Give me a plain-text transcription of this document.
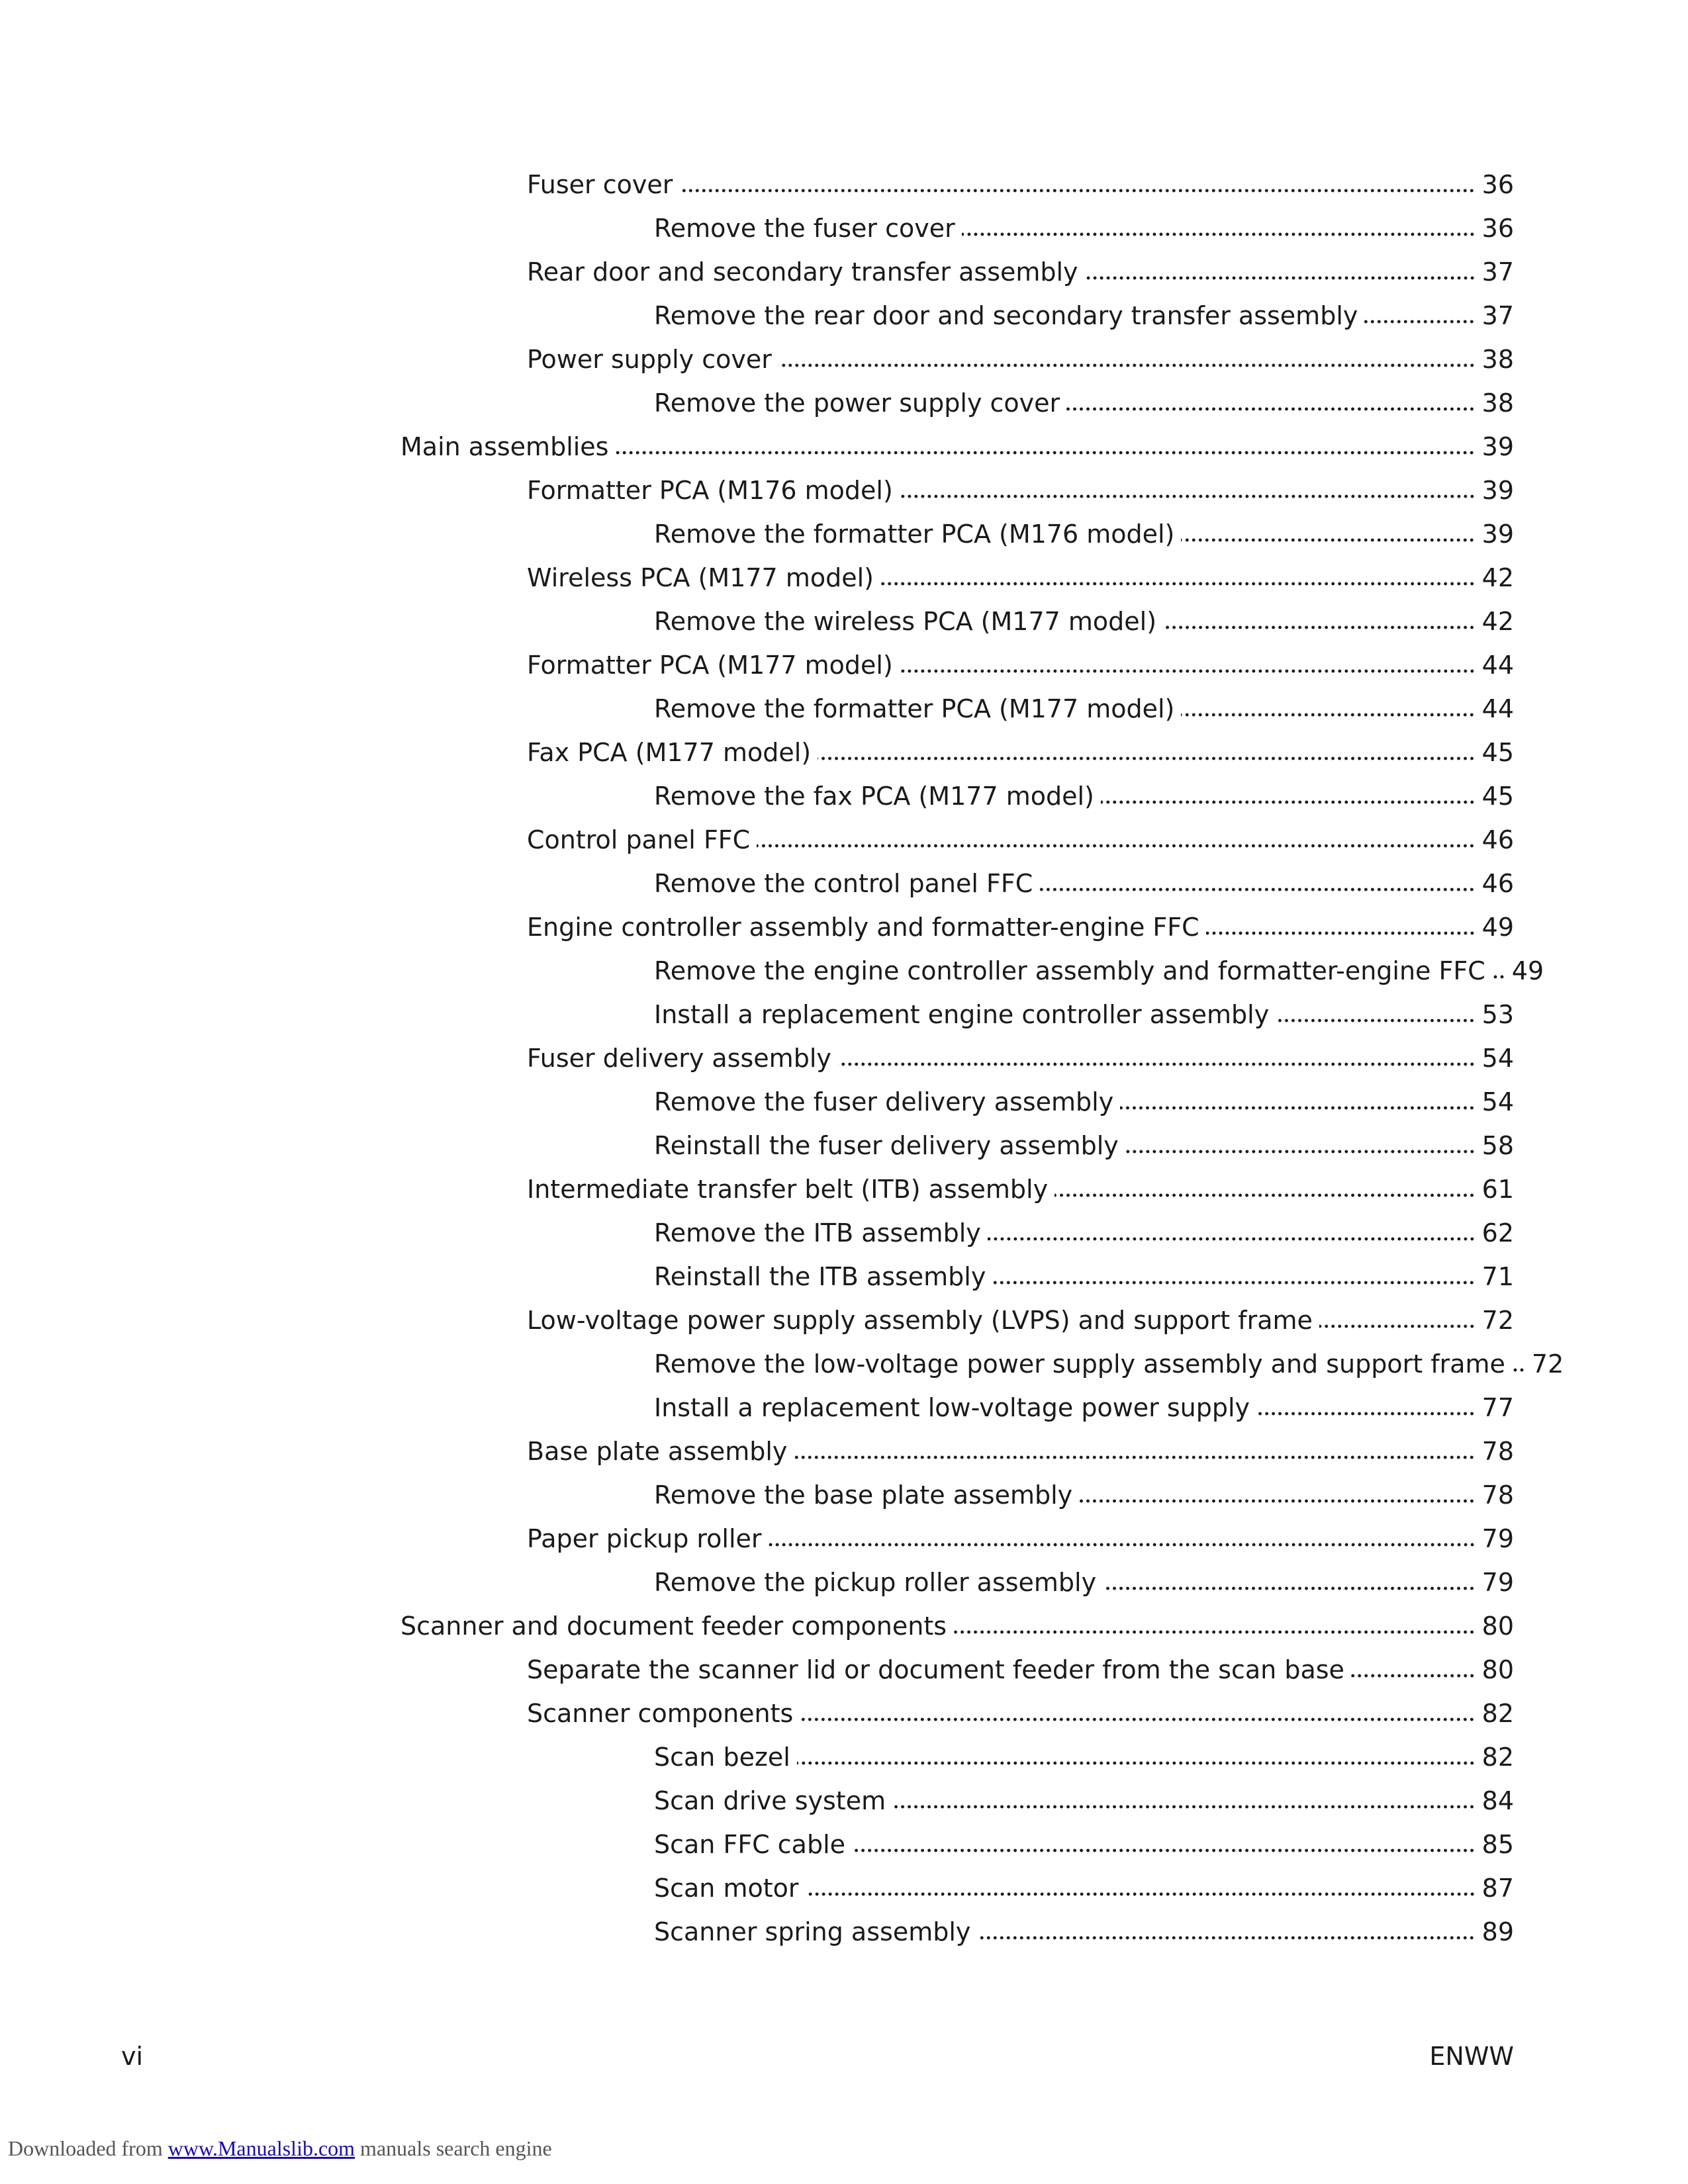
Fuser cover	36
Remove the fuser cover	36
Rear door and secondary transfer assembly	37
Remove the rear door and secondary transfer assembly	37
Power supply cover	38
Remove the power supply cover	38
Main assemblies	39
Formatter PCA (M176 model)	39
Remove the formatter PCA (M176 model)	39
Wireless PCA (M177 model)	42
Remove the wireless PCA (M177 model)	42
Formatter PCA (M177 model)	44
Remove the formatter PCA (M177 model)	44
Fax PCA (M177 model)	45
Remove the fax PCA (M177 model)	45
Control panel FFC	46
Remove the control panel FFC	46
Engine controller assembly and formatter-engine FFC	49
Remove the engine controller assembly and formatter-engine FFC 49
Install a replacement engine controller assembly	53
Fuser delivery assembly	54
Remove the fuser delivery assembly	54
Reinstall the fuser delivery assembly	58
Intermediate transfer belt (ITB) assembly	61
Remove the ITB assembly	62
Reinstall the ITB assembly	71
Low-voltage power supply assembly (LVPS) and support frame	72
Remove the low-voltage power supply assembly and support frame 72
Install a replacement low-voltage power supply	77
Base plate assembly	78
Remove the base plate assembly	78
Paper pickup roller	79
Remove the pickup roller assembly	79
Scanner and document feeder components	80
Separate the scanner lid or document feeder from the scan base	80
Scanner components	82
Scan bezel	82
Scan drive system	84
Scan FFC cable	85
Scan motor	87
Scanner spring assembly	89
vi	ENWW
Downloaded from www.Manualslib.com manuals search engine
